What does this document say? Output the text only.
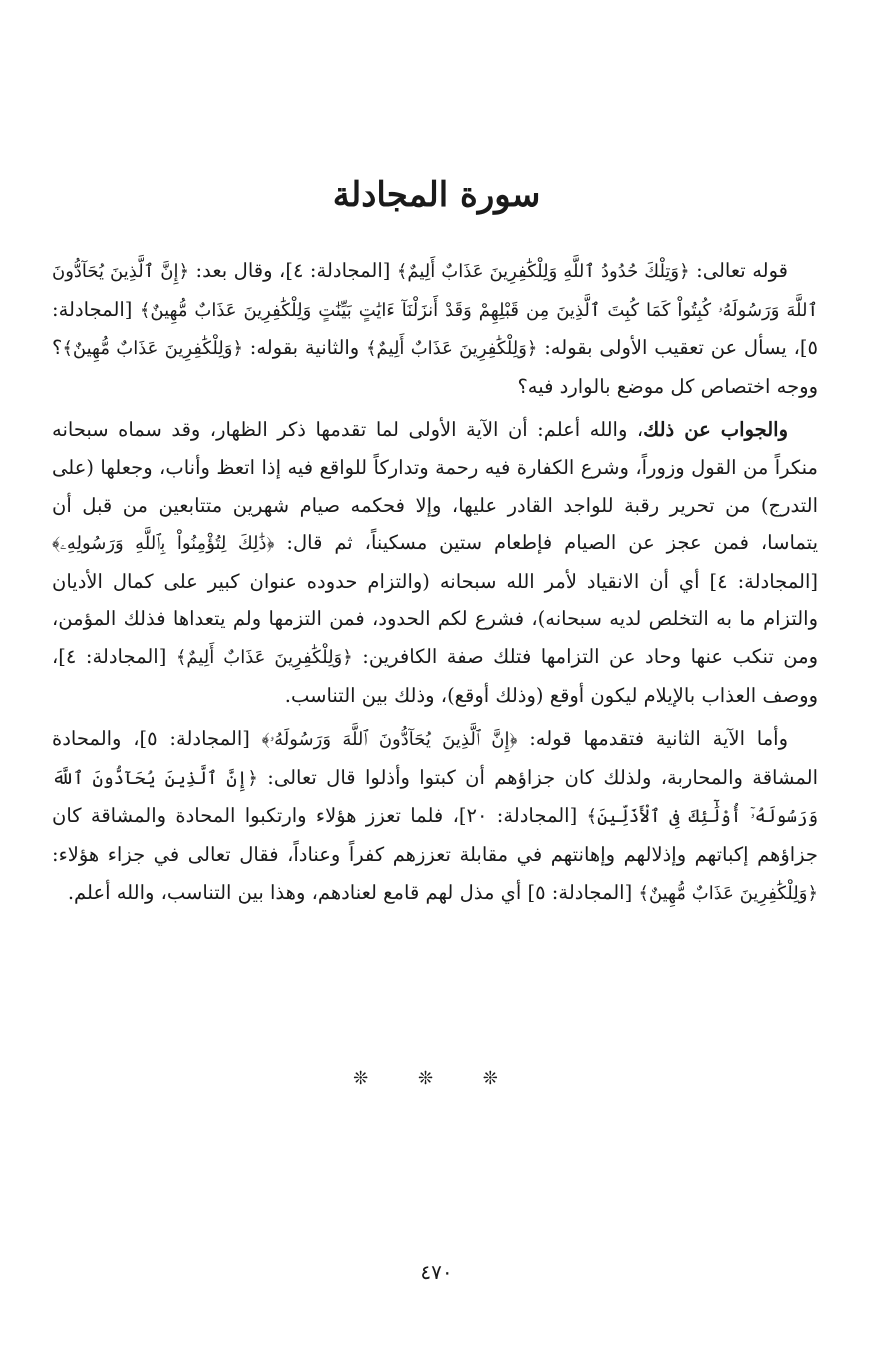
سورة المجادلة

قوله تعالى: ﴿وَتِلْكَ حُدُودُ ٱللَّهِ وَلِلْكَٰفِرِينَ عَذَابٌ أَلِيمٌ﴾ [المجادلة: ٤]، وقال بعد: ﴿إِنَّ ٱلَّذِينَ يُحَآدُّونَ ٱللَّهَ وَرَسُولَهُۥ كُبِتُواْ كَمَا كُبِتَ ٱلَّذِينَ مِن قَبْلِهِمْ وَقَدْ أَنزَلْنَآ ءَايَٰتٍ بَيِّنَٰتٍ وَلِلْكَٰفِرِينَ عَذَابٌ مُّهِينٌ﴾ [المجادلة: ٥]، يسأل عن تعقيب الأولى بقوله: ﴿وَلِلْكَٰفِرِينَ عَذَابٌ أَلِيمٌ﴾ والثانية بقوله: ﴿وَلِلْكَٰفِرِينَ عَذَابٌ مُّهِينٌ﴾؟ ووجه اختصاص كل موضع بالوارد فيه؟

والجواب عن ذلك، والله أعلم: أن الآية الأولى لما تقدمها ذكر الظهار، وقد سماه سبحانه منكراً من القول وزوراً، وشرع الكفارة فيه رحمة وتداركاً للواقع فيه إذا اتعظ وأناب، وجعلها (على التدرج) من تحرير رقبة للواجد القادر عليها، وإلا فحكمه صيام شهرين متتابعين من قبل أن يتماسا، فمن عجز عن الصيام فإطعام ستين مسكيناً، ثم قال: ﴿ذَٰلِكَ لِتُؤْمِنُواْ بِٱللَّهِ وَرَسُولِهِۦ﴾ [المجادلة: ٤] أي أن الانقياد لأمر الله سبحانه (والتزام حدوده عنوان كبير على كمال الأديان والتزام ما به التخلص لديه سبحانه)، فشرع لكم الحدود، فمن التزمها ولم يتعداها فذلك المؤمن، ومن تنكب عنها وحاد عن التزامها فتلك صفة الكافرين: ﴿وَلِلْكَٰفِرِينَ عَذَابٌ أَلِيمٌ﴾ [المجادلة: ٤]، ووصف العذاب بالإيلام ليكون أوقع (وذلك أوقع)، وذلك بين التناسب.

وأما الآية الثانية فتقدمها قوله: ﴿إِنَّ ٱلَّذِينَ يُحَآدُّونَ ٱللَّهَ وَرَسُولَهُۥ﴾ [المجادلة: ٥]، والمحادة المشاقة والمحاربة، ولذلك كان جزاؤهم أن كبتوا وأذلوا قال تعالى: ﴿إِنَّ ٱلَّذِينَ يُحَآدُّونَ ٱللَّهَ وَرَسُولَهُۥٓ أُوْلَٰٓئِكَ فِى ٱلْأَذَلِّينَ﴾ [المجادلة: ٢٠]، فلما تعزز هؤلاء وارتكبوا المحادة والمشاقة كان جزاؤهم إكباتهم وإذلالهم وإهانتهم في مقابلة تعززهم كفراً وعناداً، فقال تعالى في جزاء هؤلاء: ﴿وَلِلْكَٰفِرِينَ عَذَابٌ مُّهِينٌ﴾ [المجادلة: ٥] أي مذل لهم قامع لعنادهم، وهذا بين التناسب، والله أعلم.

❊ ❊ ❊
٤٧٠
